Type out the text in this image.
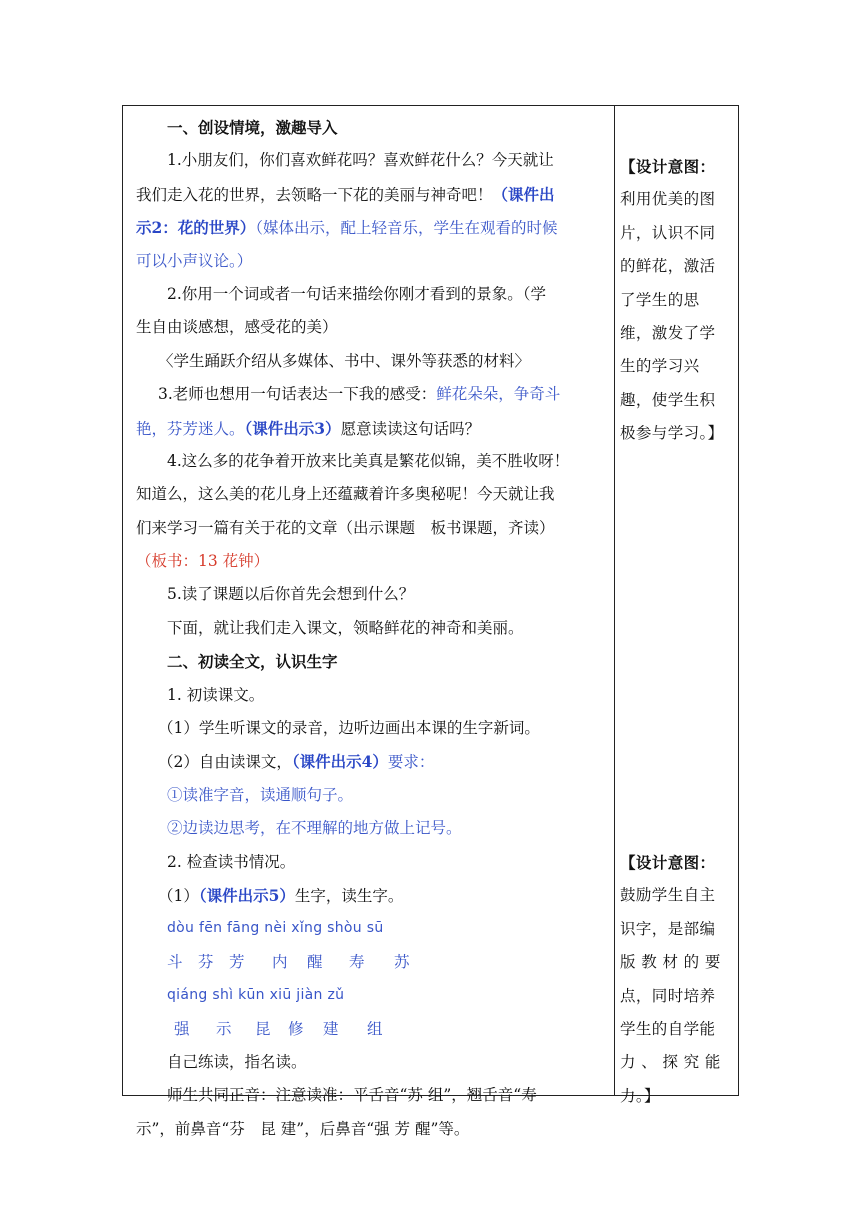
一、创设情境，激趣导入
1.小朋友们，你们喜欢鲜花吗？喜欢鲜花什么？今天就让
我们走入花的世界，去领略一下花的美丽与神奇吧！（课件出
示2：花的世界）（媒体出示，配上轻音乐，学生在观看的时候
可以小声议论。）
2.你用一个词或者一句话来描绘你刚才看到的景象。（学
生自由谈感想，感受花的美）
〈学生踊跃介绍从多媒体、书中、课外等获悉的材料〉
3.老师也想用一句话表达一下我的感受：鲜花朵朵，争奇斗
艳，芬芳迷人。（课件出示3）愿意读读这句话吗？
4.这么多的花争着开放来比美真是繁花似锦，美不胜收呀！
知道么，这么美的花儿身上还蕴藏着许多奥秘呢！今天就让我
们来学习一篇有关于花的文章（出示课题　板书课题，齐读）
（板书：13 花钟）
5.读了课题以后你首先会想到什么？
下面，就让我们走入课文，领略鲜花的神奇和美丽。
二、初读全文，认识生字
1. 初读课文。
（1）学生听课文的录音，边听边画出本课的生字新词。
（2）自由读课文，（课件出示4）要求：
①读准字音，读通顺句子。
②边读边思考，在不理解的地方做上记号。
2. 检查读书情况。
（1）（课件出示5）生字，读生字。
dòu fēn fāng nèi xǐng shòu sū
斗 芬 芳 内 醒 寿 苏
qiáng shì kūn xiū jiàn zǔ
强 示 昆 修 建 组
自己练读，指名读。
师生共同正音：注意读准：平舌音“苏 组”，翘舌音“寿
示”，前鼻音“芬　昆 建”，后鼻音“强 芳 醒”等。
【设计意图：
利用优美的图
片，认识不同
的鲜花，激活
了学生的思
维，激发了学
生的学习兴
趣，使学生积
极参与学习。】
【设计意图：
鼓励学生自主
识字，是部编
版 教 材 的 要
点，同时培养
学生的自学能
力 、 探 究 能
力。】
